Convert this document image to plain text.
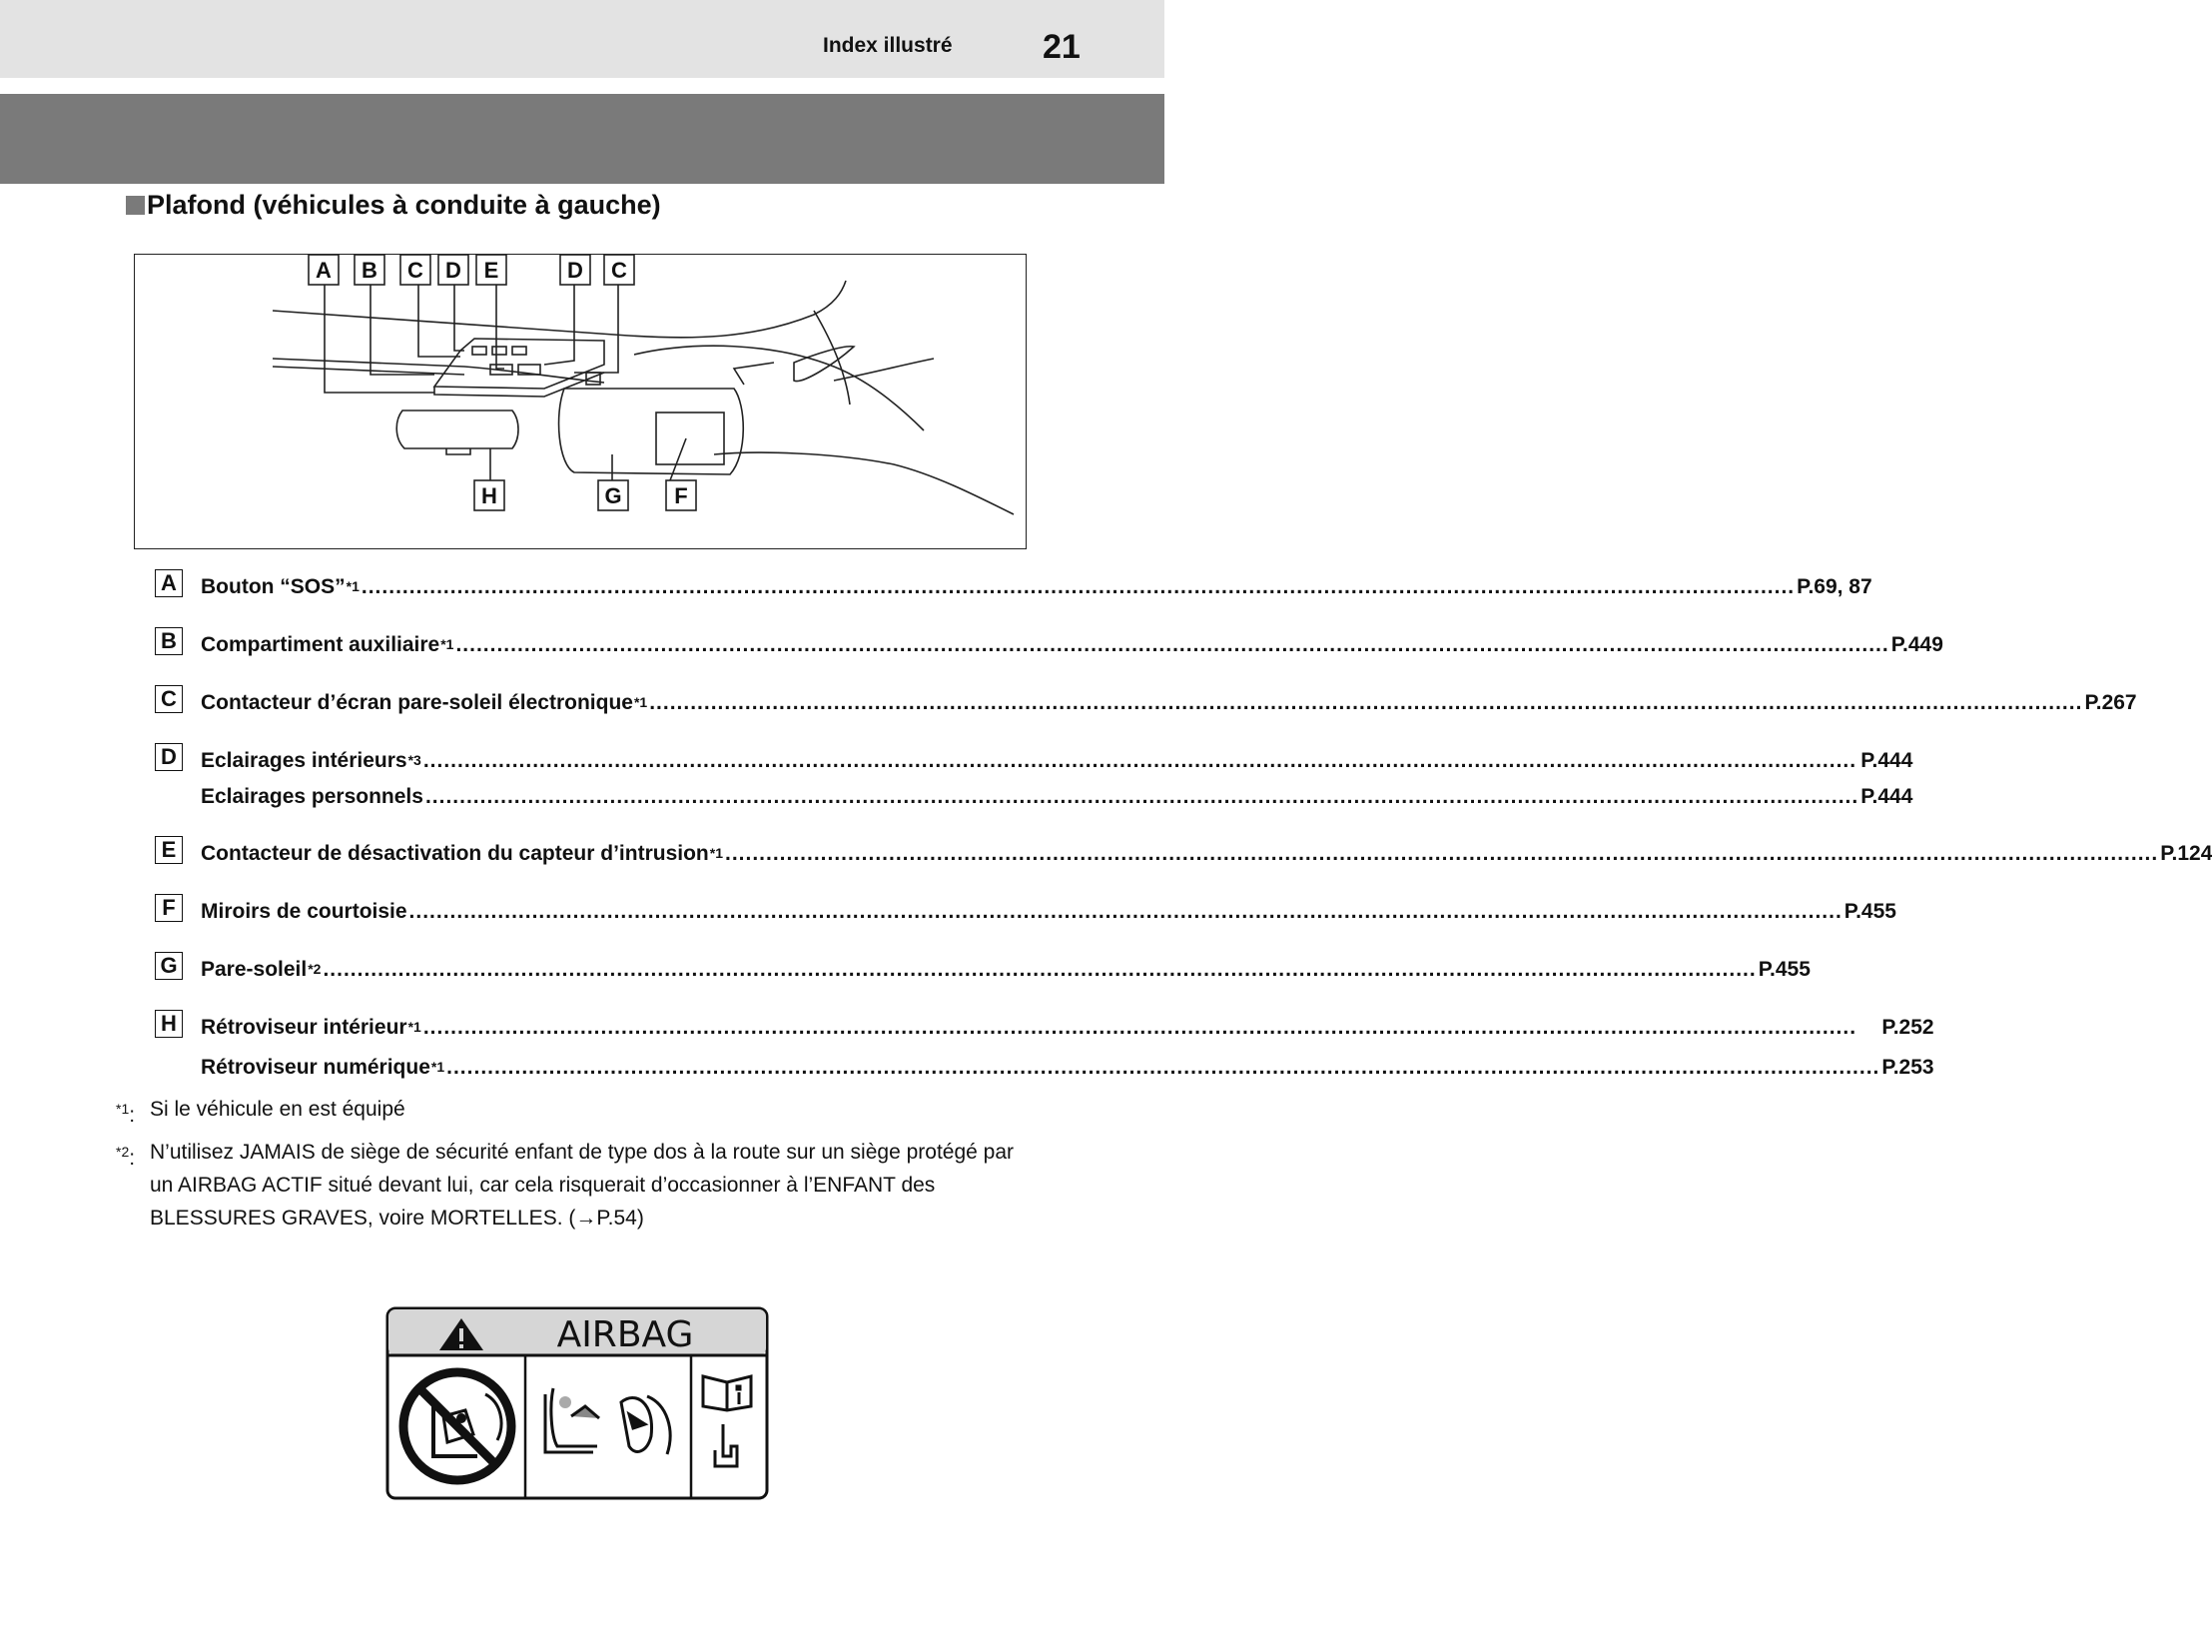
Index illustré	21
Plafond (véhicules à conduite à gauche)
A B C D E	D C
H	G F
A Bouton “SOS”$^{*1}$ .....	P.69, 87
B Compartiment auxiliaire$^{*1}$ .....	P.449
C Contacteur d’écran pare-soleil électronique$^{*1}$ .....	P.267
D Eclairages intérieurs$^{*3}$ .....	P.444
Eclairages personnels .....	P.444
E	Contacteur de désactivation du capteur d’intrusion$^{*1}$ .....	P.124
F	Miroirs de courtoisie .....	P.455
G Pare-soleil$^{*2}$ .....	P.455
H Rétroviseur intérieur$^{*1}$ .....	P.252
Rétroviseur numérique$^{*1}$ .....	P.253
$^{*1}$: Si le véhicule en est équipé
$^{*2}$: N’utilisez JAMAIS de siège de sécurité enfant de type dos à la route sur un siège protégé par un AIRBAG ACTIF situé devant lui, car cela risquerait d’occasionner à l’ENFANT des BLESSURES GRAVES, voire MORTELLES. (→P.54)
AIRBAG
